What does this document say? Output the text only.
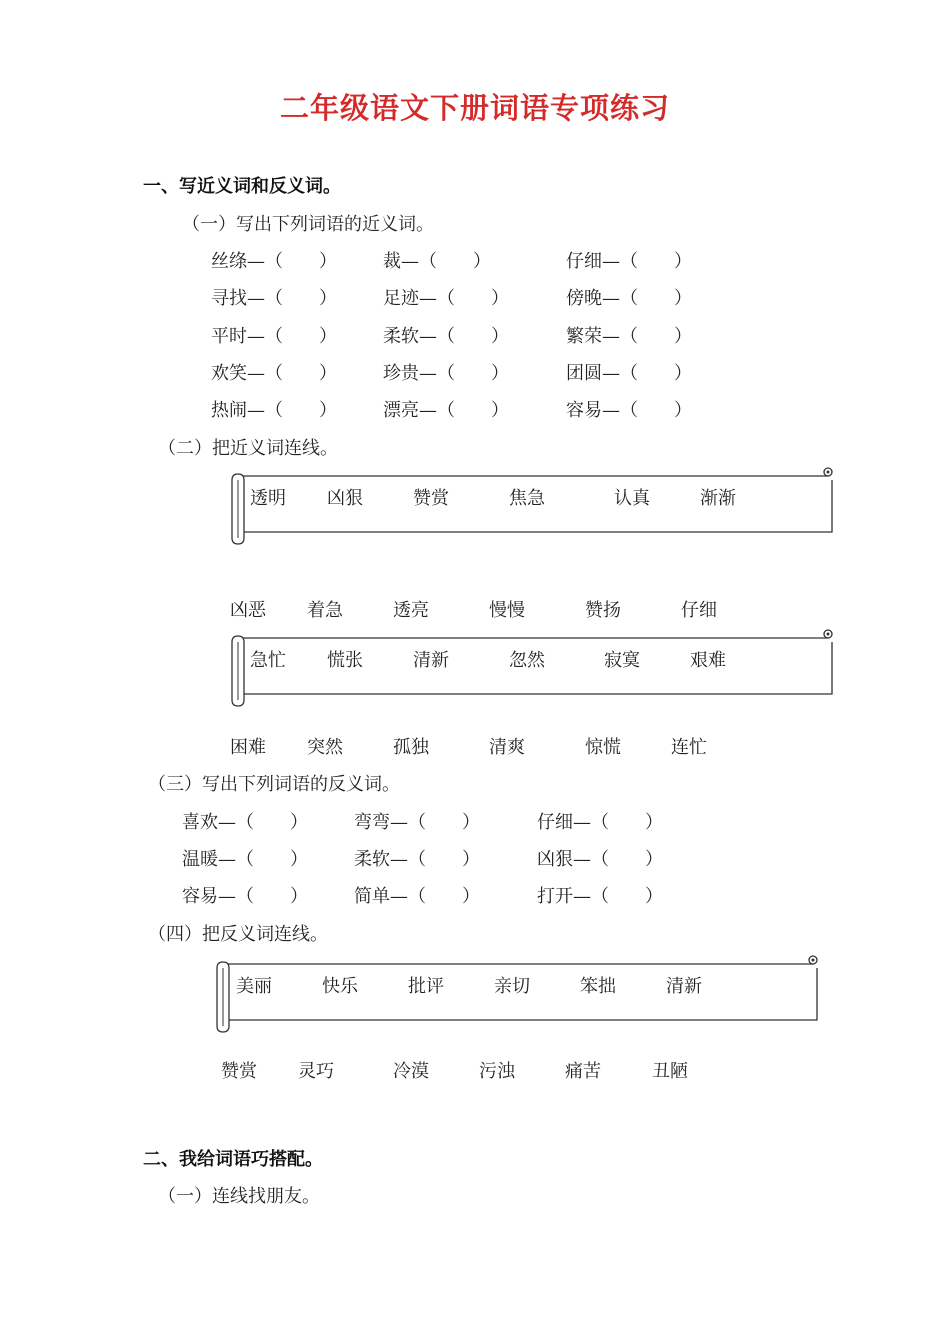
二年级语文下册词语专项练习
一、写近义词和反义词。
（一）写出下列词语的近义词。
丝绦—（　　）	裁—（　　）	仔细—（　　）
寻找—（　　）	足迹—（　　）	傍晚—（　　）
平时—（　　）	柔软—（　　）	繁荣—（　　）
欢笑—（　　）	珍贵—（　　）	团圆—（　　）
热闹—（　　）	漂亮—（　　）	容易—（　　）
（二）把近义词连线。
透明 凶狠	赞赏	焦急	认真	渐渐
凶恶 着急	透亮	慢慢	赞扬	仔细
急忙 慌张	清新	忽然	寂寞	艰难
困难 突然	孤独	清爽	惊慌	连忙
（三）写出下列词语的反义词。
喜欢—（　　）	弯弯—（　　）	仔细—（　　）
温暖—（　　）	柔软—（　　）	凶狠—（　　）
容易—（　　）	简单—（　　）	打开—（　　）
（四）把反义词连线。
美丽	快乐	批评	亲切	笨拙	清新
赞赏 灵巧	冷漠	污浊	痛苦	丑陋
二、我给词语巧搭配。
（一）连线找朋友。
